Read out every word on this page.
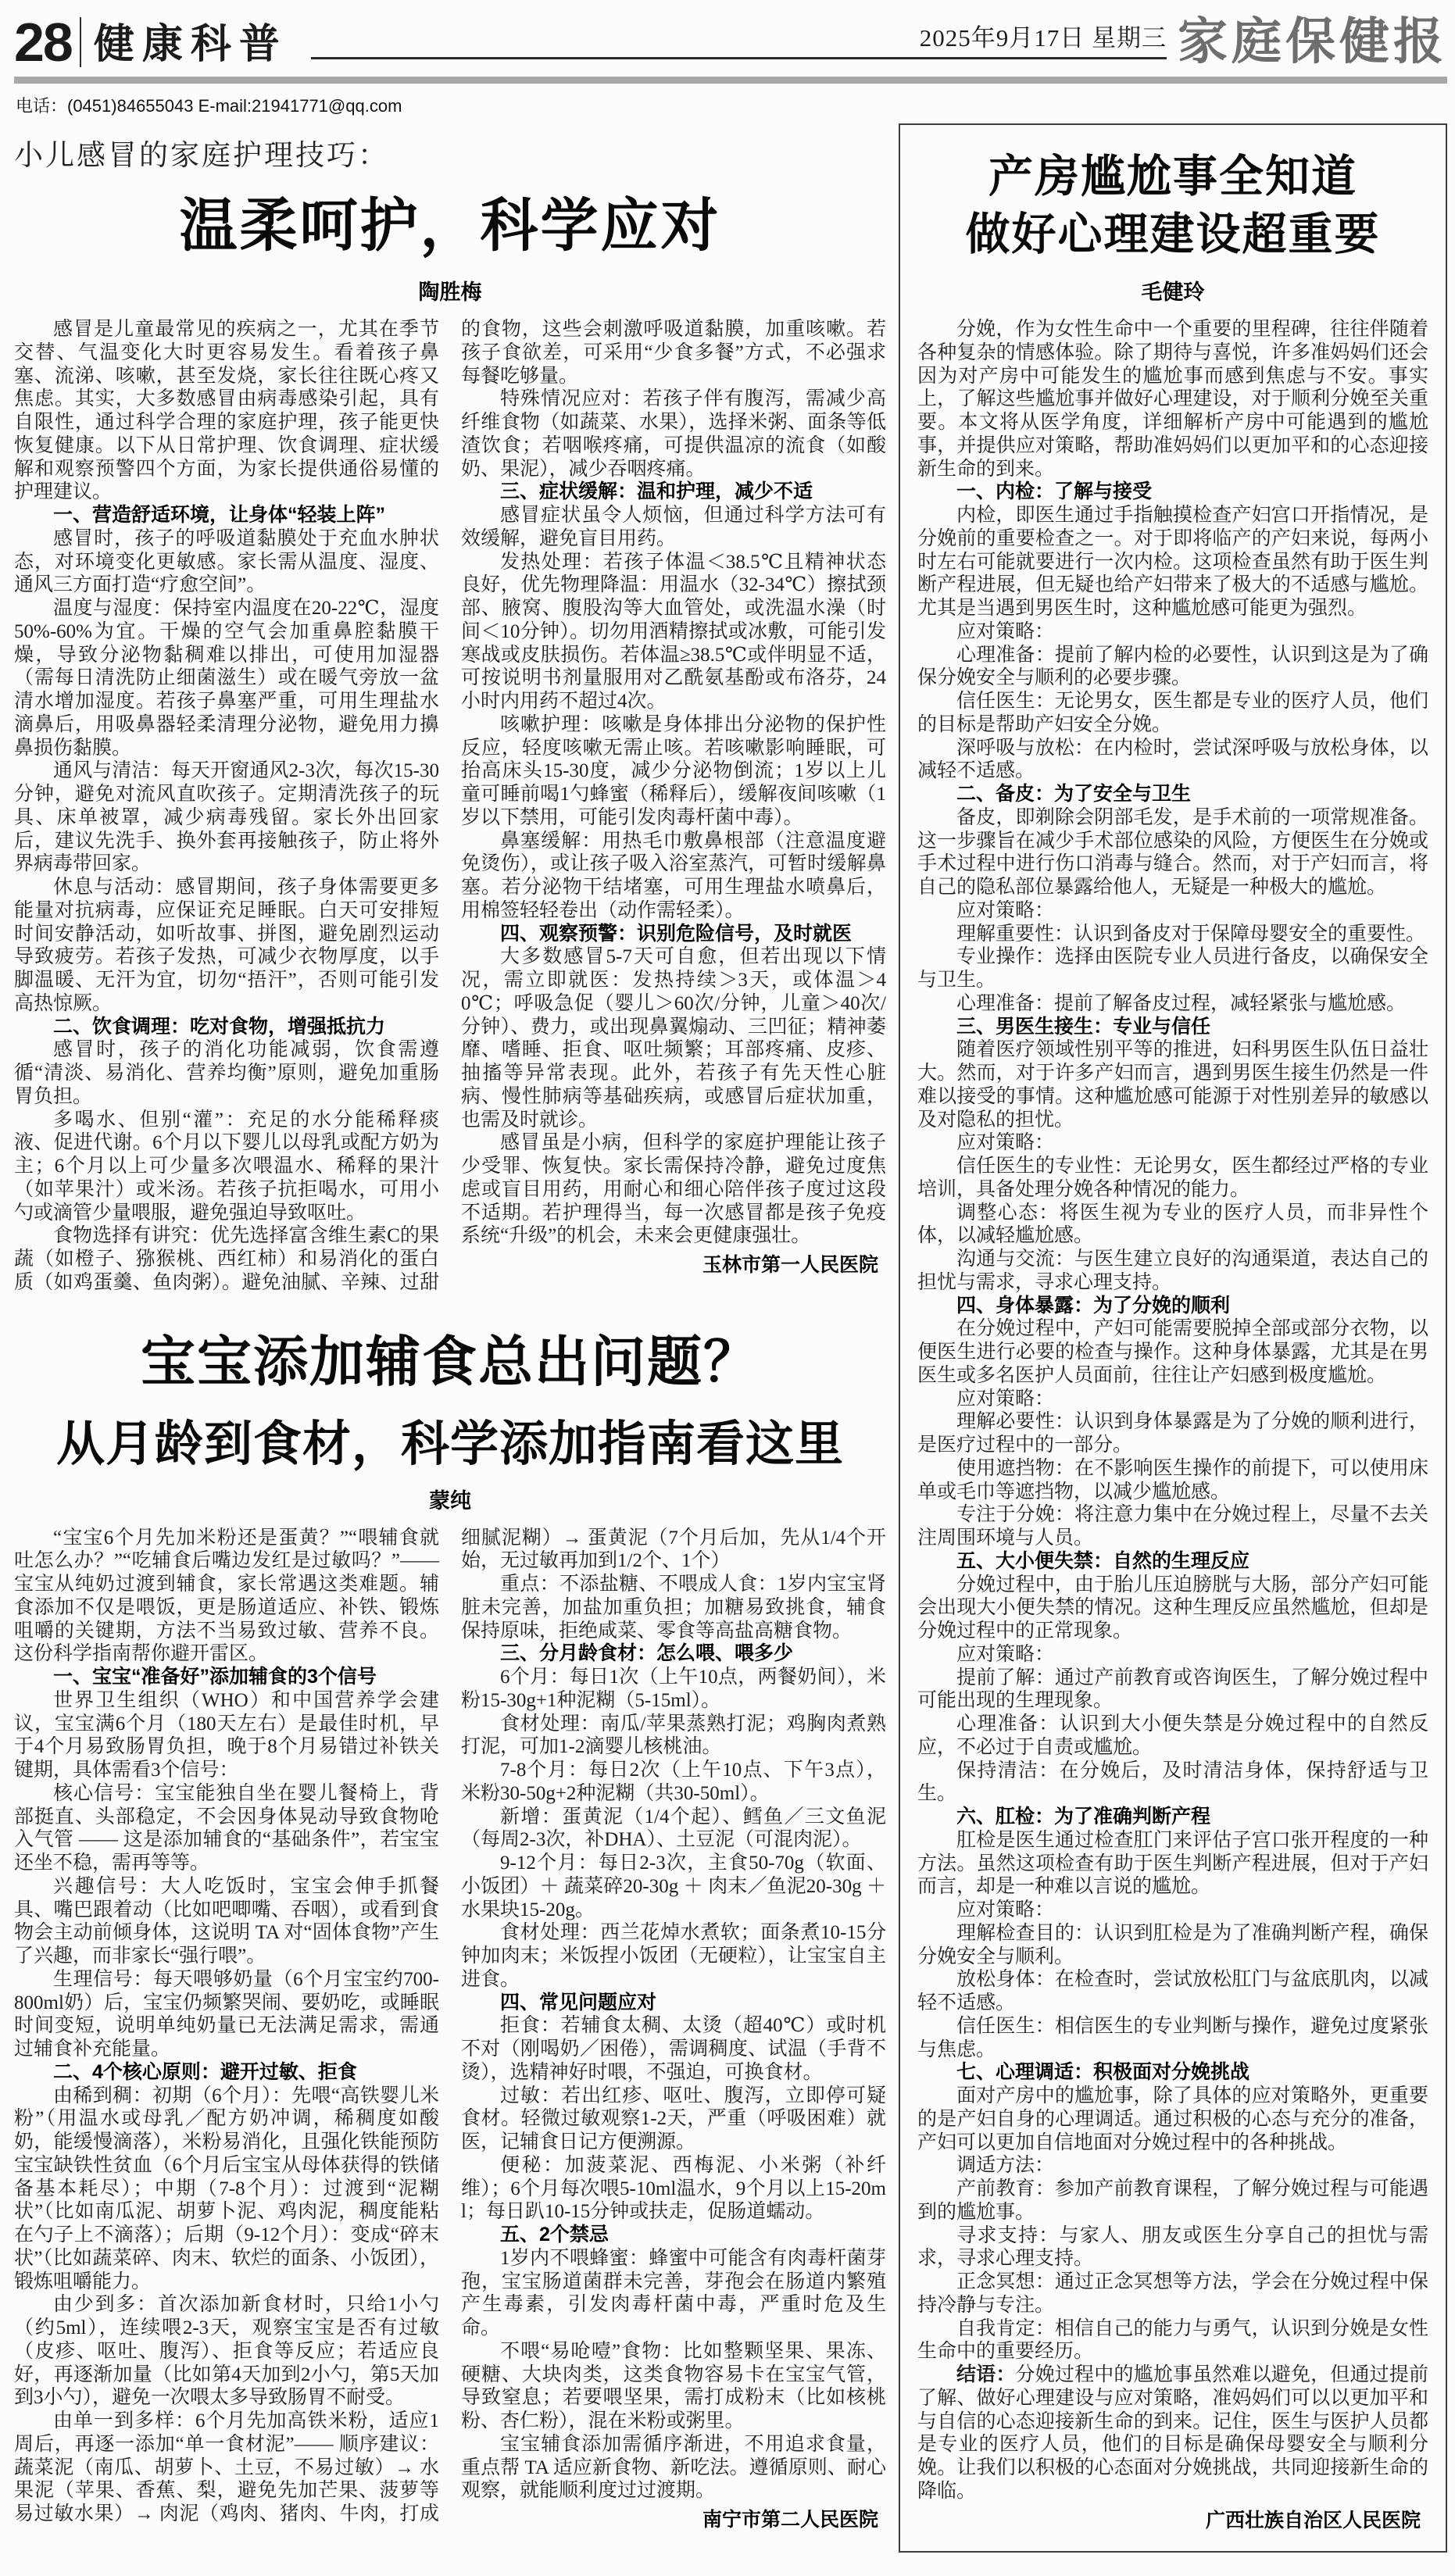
28 健康科普	2025年9月17日 星期三 家庭保健报
电话：(0451)84655043 E-mail:21941771@qq.com
小儿感冒的家庭护理技巧：
温柔呵护，科学应对
陶胜梅
感冒是儿童最常见的疾病之一，尤其在季节交替、气温变化大时更容易发生。看着孩子鼻塞、流涕、咳嗽，甚至发烧，家长往往既心疼又焦虑。其实，大多数感冒由病毒感染引起，具有自限性，通过科学合理的家庭护理，孩子能更快恢复健康。以下从日常护理、饮食调理、症状缓解和观察预警四个方面，为家长提供通俗易懂的护理建议。
一、营造舒适环境，让身体“轻装上阵”
感冒时，孩子的呼吸道黏膜处于充血水肿状态，对环境变化更敏感。家长需从温度、湿度、通风三方面打造“疗愈空间”。
温度与湿度：保持室内温度在20-22℃，湿度50%-60%为宜。干燥的空气会加重鼻腔黏膜干燥，导致分泌物黏稠难以排出，可使用加湿器（需每日清洗防止细菌滋生）或在暖气旁放一盆清水增加湿度。若孩子鼻塞严重，可用生理盐水滴鼻后，用吸鼻器轻柔清理分泌物，避免用力擤鼻损伤黏膜。
通风与清洁：每天开窗通风2-3次，每次15-30分钟，避免对流风直吹孩子。定期清洗孩子的玩具、床单被罩，减少病毒残留。家长外出回家后，建议先洗手、换外套再接触孩子，防止将外界病毒带回家。
休息与活动：感冒期间，孩子身体需要更多能量对抗病毒，应保证充足睡眠。白天可安排短时间安静活动，如听故事、拼图，避免剧烈运动导致疲劳。若孩子发热，可减少衣物厚度，以手脚温暖、无汗为宜，切勿“捂汗”，否则可能引发高热惊厥。
二、饮食调理：吃对食物，增强抵抗力
感冒时，孩子的消化功能减弱，饮食需遵循“清淡、易消化、营养均衡”原则，避免加重肠胃负担。
多喝水、但别“灌”：充足的水分能稀释痰液、促进代谢。6个月以下婴儿以母乳或配方奶为主；6个月以上可少量多次喂温水、稀释的果汁（如苹果汁）或米汤。若孩子抗拒喝水，可用小勺或滴管少量喂服，避免强迫导致呕吐。
食物选择有讲究：优先选择富含维生素C的果蔬（如橙子、猕猴桃、西红柿）和易消化的蛋白质（如鸡蛋羹、鱼肉粥）。避免油腻、辛辣、过甜的食物，这些会刺激呼吸道黏膜，加重咳嗽。若孩子食欲差，可采用“少食多餐”方式，不必强求每餐吃够量。
特殊情况应对：若孩子伴有腹泻，需减少高纤维食物（如蔬菜、水果），选择米粥、面条等低渣饮食；若咽喉疼痛，可提供温凉的流食（如酸奶、果泥），减少吞咽疼痛。
三、症状缓解：温和护理，减少不适
感冒症状虽令人烦恼，但通过科学方法可有效缓解，避免盲目用药。
发热处理：若孩子体温＜38.5℃且精神状态良好，优先物理降温：用温水（32-34℃）擦拭颈部、腋窝、腹股沟等大血管处，或洗温水澡（时间＜10分钟）。切勿用酒精擦拭或冰敷，可能引发寒战或皮肤损伤。若体温≥38.5℃或伴明显不适，可按说明书剂量服用对乙酰氨基酚或布洛芬，24小时内用药不超过4次。
咳嗽护理：咳嗽是身体排出分泌物的保护性反应，轻度咳嗽无需止咳。若咳嗽影响睡眠，可抬高床头15-30度，减少分泌物倒流；1岁以上儿童可睡前喝1勺蜂蜜（稀释后），缓解夜间咳嗽（1岁以下禁用，可能引发肉毒杆菌中毒）。
鼻塞缓解：用热毛巾敷鼻根部（注意温度避免烫伤），或让孩子吸入浴室蒸汽，可暂时缓解鼻塞。若分泌物干结堵塞，可用生理盐水喷鼻后，用棉签轻轻卷出（动作需轻柔）。
四、观察预警：识别危险信号，及时就医
大多数感冒5-7天可自愈，但若出现以下情况，需立即就医：发热持续＞3天，或体温＞40℃；呼吸急促（婴儿＞60次/分钟，儿童＞40次/分钟）、费力，或出现鼻翼煽动、三凹征；精神萎靡、嗜睡、拒食、呕吐频繁；耳部疼痛、皮疹、抽搐等异常表现。此外，若孩子有先天性心脏病、慢性肺病等基础疾病，或感冒后症状加重，也需及时就诊。
感冒虽是小病，但科学的家庭护理能让孩子少受罪、恢复快。家长需保持冷静，避免过度焦虑或盲目用药，用耐心和细心陪伴孩子度过这段不适期。若护理得当，每一次感冒都是孩子免疫系统“升级”的机会，未来会更健康强壮。
玉林市第一人民医院
宝宝添加辅食总出问题？
从月龄到食材，科学添加指南看这里
蒙纯
“宝宝6个月先加米粉还是蛋黄？”“喂辅食就吐怎么办？”“吃辅食后嘴边发红是过敏吗？”—— 宝宝从纯奶过渡到辅食，家长常遇这类难题。辅食添加不仅是喂饭，更是肠道适应、补铁、锻炼咀嚼的关键期，方法不当易致过敏、营养不良。这份科学指南帮你避开雷区。
一、宝宝“准备好”添加辅食的3个信号
世界卫生组织（WHO）和中国营养学会建议，宝宝满6个月（180天左右）是最佳时机，早于4个月易致肠胃负担，晚于8个月易错过补铁关键期，具体需看3个信号：
核心信号：宝宝能独自坐在婴儿餐椅上，背部挺直、头部稳定，不会因身体晃动导致食物呛入气管 —— 这是添加辅食的“基础条件”，若宝宝还坐不稳，需再等等。
兴趣信号：大人吃饭时，宝宝会伸手抓餐具、嘴巴跟着动（比如吧唧嘴、吞咽），或看到食物会主动前倾身体，这说明 TA 对“固体食物”产生了兴趣，而非家长“强行喂”。
生理信号：每天喂够奶量（6个月宝宝约700-800ml奶）后，宝宝仍频繁哭闹、要奶吃，或睡眠时间变短，说明单纯奶量已无法满足需求，需通过辅食补充能量。
二、4个核心原则：避开过敏、拒食
由稀到稠：初期（6个月）：先喂“高铁婴儿米粉”（用温水或母乳／配方奶冲调，稀稠度如酸奶，能缓慢滴落），米粉易消化，且强化铁能预防宝宝缺铁性贫血（6个月后宝宝从母体获得的铁储备基本耗尽）；中期（7-8个月）：过渡到“泥糊状”（比如南瓜泥、胡萝卜泥、鸡肉泥，稠度能粘在勺子上不滴落）；后期（9-12个月）：变成“碎末状”（比如蔬菜碎、肉末、软烂的面条、小饭团），锻炼咀嚼能力。
由少到多：首次添加新食材时，只给1小勺（约5ml），连续喂2-3天，观察宝宝是否有过敏（皮疹、呕吐、腹泻）、拒食等反应；若适应良好，再逐渐加量（比如第4天加到2小勺，第5天加到3小勺），避免一次喂太多导致肠胃不耐受。
由单一到多样：6个月先加高铁米粉，适应1周后，再逐一添加“单一食材泥”—— 顺序建议：蔬菜泥（南瓜、胡萝卜、土豆，不易过敏）→ 水果泥（苹果、香蕉、梨，避免先加芒果、菠萝等易过敏水果）→ 肉泥（鸡肉、猪肉、牛肉，打成细腻泥糊）→ 蛋黄泥（7个月后加，先从1/4个开始，无过敏再加到1/2个、1个）
重点：不添盐糖、不喂成人食：1岁内宝宝肾脏未完善，加盐加重负担；加糖易致挑食，辅食保持原味，拒绝咸菜、零食等高盐高糖食物。
三、分月龄食材：怎么喂、喂多少
6个月：每日1次（上午10点，两餐奶间），米粉15-30g+1种泥糊（5-15ml）。
食材处理：南瓜/苹果蒸熟打泥；鸡胸肉煮熟打泥，可加1-2滴婴儿核桃油。
7-8个月：每日2次（上午10点、下午3点），米粉30-50g+2种泥糊（共30-50ml）。
新增：蛋黄泥（1/4个起）、鳕鱼／三文鱼泥（每周2-3次，补DHA）、土豆泥（可混肉泥）。
9-12个月：每日2-3次，主食50-70g（软面、小饭团）＋ 蔬菜碎20-30g ＋ 肉末／鱼泥20-30g ＋ 水果块15-20g。
食材处理：西兰花焯水煮软；面条煮10-15分钟加肉末；米饭捏小饭团（无硬粒），让宝宝自主进食。
四、常见问题应对
拒食：若辅食太稠、太烫（超40℃）或时机不对（刚喝奶／困倦），需调稠度、试温（手背不烫），选精神好时喂，不强迫，可换食材。
过敏：若出红疹、呕吐、腹泻，立即停可疑食材。轻微过敏观察1-2天，严重（呼吸困难）就医，记辅食日记方便溯源。
便秘：加菠菜泥、西梅泥、小米粥（补纤维）；6个月每次喂5-10ml温水，9个月以上15-20ml；每日趴10-15分钟或扶走，促肠道蠕动。
五、2个禁忌
1岁内不喂蜂蜜：蜂蜜中可能含有肉毒杆菌芽孢，宝宝肠道菌群未完善，芽孢会在肠道内繁殖产生毒素，引发肉毒杆菌中毒，严重时危及生命。
不喂“易呛噎”食物：比如整颗坚果、果冻、硬糖、大块肉类，这类食物容易卡在宝宝气管，导致窒息；若要喂坚果，需打成粉末（比如核桃粉、杏仁粉），混在米粉或粥里。
宝宝辅食添加需循序渐进，不用追求食量，重点帮 TA 适应新食物、新吃法。遵循原则、耐心观察，就能顺利度过过渡期。
南宁市第二人民医院
产房尴尬事全知道
做好心理建设超重要
毛健玲
分娩，作为女性生命中一个重要的里程碑，往往伴随着各种复杂的情感体验。除了期待与喜悦，许多准妈妈们还会因为对产房中可能发生的尴尬事而感到焦虑与不安。事实上，了解这些尴尬事并做好心理建设，对于顺利分娩至关重要。本文将从医学角度，详细解析产房中可能遇到的尴尬事，并提供应对策略，帮助准妈妈们以更加平和的心态迎接新生命的到来。
一、内检：了解与接受
内检，即医生通过手指触摸检查产妇宫口开指情况，是分娩前的重要检查之一。对于即将临产的产妇来说，每两小时左右可能就要进行一次内检。这项检查虽然有助于医生判断产程进展，但无疑也给产妇带来了极大的不适感与尴尬。尤其是当遇到男医生时，这种尴尬感可能更为强烈。
应对策略：
心理准备：提前了解内检的必要性，认识到这是为了确保分娩安全与顺利的必要步骤。
信任医生：无论男女，医生都是专业的医疗人员，他们的目标是帮助产妇安全分娩。
深呼吸与放松：在内检时，尝试深呼吸与放松身体，以减轻不适感。
二、备皮：为了安全与卫生
备皮，即剃除会阴部毛发，是手术前的一项常规准备。这一步骤旨在减少手术部位感染的风险，方便医生在分娩或手术过程中进行伤口消毒与缝合。然而，对于产妇而言，将自己的隐私部位暴露给他人，无疑是一种极大的尴尬。
应对策略：
理解重要性：认识到备皮对于保障母婴安全的重要性。
专业操作：选择由医院专业人员进行备皮，以确保安全与卫生。
心理准备：提前了解备皮过程，减轻紧张与尴尬感。
三、男医生接生：专业与信任
随着医疗领域性别平等的推进，妇科男医生队伍日益壮大。然而，对于许多产妇而言，遇到男医生接生仍然是一件难以接受的事情。这种尴尬感可能源于对性别差异的敏感以及对隐私的担忧。
应对策略：
信任医生的专业性：无论男女，医生都经过严格的专业培训，具备处理分娩各种情况的能力。
调整心态：将医生视为专业的医疗人员，而非异性个体，以减轻尴尬感。
沟通与交流：与医生建立良好的沟通渠道，表达自己的担忧与需求，寻求心理支持。
四、身体暴露：为了分娩的顺利
在分娩过程中，产妇可能需要脱掉全部或部分衣物，以便医生进行必要的检查与操作。这种身体暴露，尤其是在男医生或多名医护人员面前，往往让产妇感到极度尴尬。
应对策略：
理解必要性：认识到身体暴露是为了分娩的顺利进行，是医疗过程中的一部分。
使用遮挡物：在不影响医生操作的前提下，可以使用床单或毛巾等遮挡物，以减少尴尬感。
专注于分娩：将注意力集中在分娩过程上，尽量不去关注周围环境与人员。
五、大小便失禁：自然的生理反应
分娩过程中，由于胎儿压迫膀胱与大肠，部分产妇可能会出现大小便失禁的情况。这种生理反应虽然尴尬，但却是分娩过程中的正常现象。
应对策略：
提前了解：通过产前教育或咨询医生，了解分娩过程中可能出现的生理现象。
心理准备：认识到大小便失禁是分娩过程中的自然反应，不必过于自责或尴尬。
保持清洁：在分娩后，及时清洁身体，保持舒适与卫生。
六、肛检：为了准确判断产程
肛检是医生通过检查肛门来评估子宫口张开程度的一种方法。虽然这项检查有助于医生判断产程进展，但对于产妇而言，却是一种难以言说的尴尬。
应对策略：
理解检查目的：认识到肛检是为了准确判断产程，确保分娩安全与顺利。
放松身体：在检查时，尝试放松肛门与盆底肌肉，以减轻不适感。
信任医生：相信医生的专业判断与操作，避免过度紧张与焦虑。
七、心理调适：积极面对分娩挑战
面对产房中的尴尬事，除了具体的应对策略外，更重要的是产妇自身的心理调适。通过积极的心态与充分的准备，产妇可以更加自信地面对分娩过程中的各种挑战。
调适方法：
产前教育：参加产前教育课程，了解分娩过程与可能遇到的尴尬事。
寻求支持：与家人、朋友或医生分享自己的担忧与需求，寻求心理支持。
正念冥想：通过正念冥想等方法，学会在分娩过程中保持冷静与专注。
自我肯定：相信自己的能力与勇气，认识到分娩是女性生命中的重要经历。
结语：分娩过程中的尴尬事虽然难以避免，但通过提前了解、做好心理建设与应对策略，准妈妈们可以以更加平和与自信的心态迎接新生命的到来。记住，医生与医护人员都是专业的医疗人员，他们的目标是确保母婴安全与顺利分娩。让我们以积极的心态面对分娩挑战，共同迎接新生命的降临。
广西壮族自治区人民医院
